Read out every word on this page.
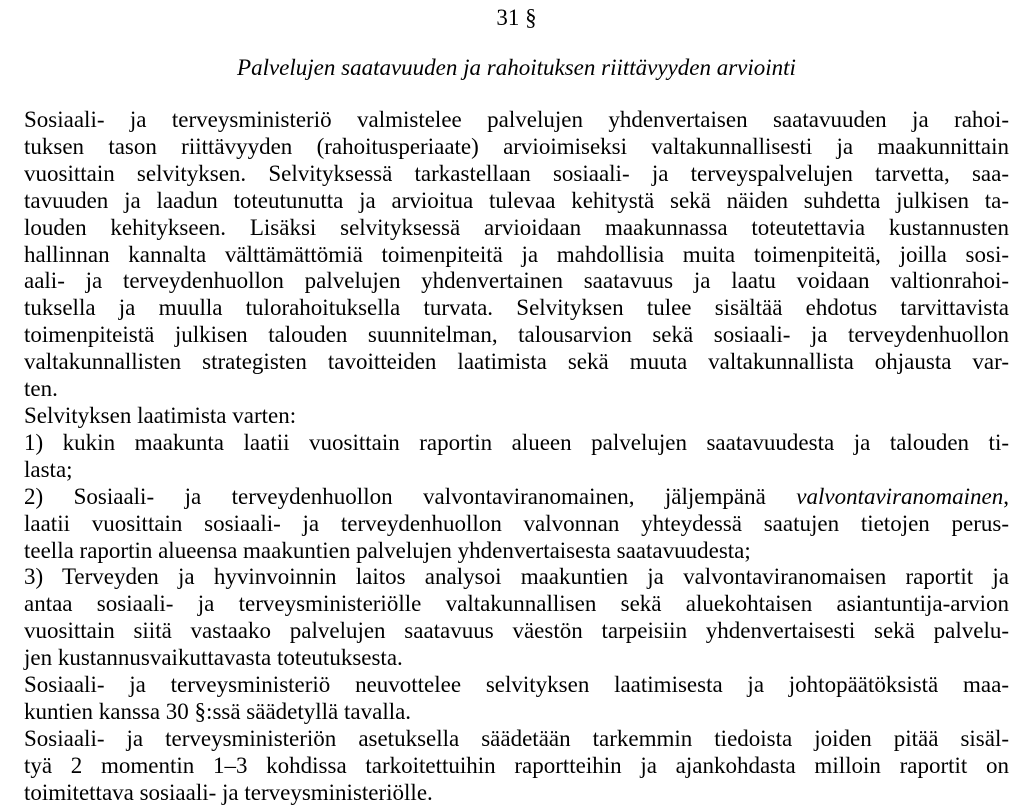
31 §
Palvelujen saatavuuden ja rahoituksen riittävyyden arviointi

Sosiaali- ja terveysministeriö valmistelee palvelujen yhdenvertaisen saatavuuden ja rahoi-
tuksen tason riittävyyden (rahoitusperiaate) arvioimiseksi valtakunnallisesti ja maakunnittain
vuosittain selvityksen. Selvityksessä tarkastellaan sosiaali- ja terveyspalvelujen tarvetta, saa-
tavuuden ja laadun toteutunutta ja arvioitua tulevaa kehitystä sekä näiden suhdetta julkisen ta-
louden kehitykseen. Lisäksi selvityksessä arvioidaan maakunnassa toteutettavia kustannusten
hallinnan kannalta välttämättömiä toimenpiteitä ja mahdollisia muita toimenpiteitä, joilla sosi-
aali- ja terveydenhuollon palvelujen yhdenvertainen saatavuus ja laatu voidaan valtionrahoi-
tuksella ja muulla tulorahoituksella turvata. Selvityksen tulee sisältää ehdotus tarvittavista
toimenpiteistä julkisen talouden suunnitelman, talousarvion sekä sosiaali- ja terveydenhuollon
valtakunnallisten strategisten tavoitteiden laatimista sekä muuta valtakunnallista ohjausta var-
ten.

Selvityksen laatimista varten:

1) kukin maakunta laatii vuosittain raportin alueen palvelujen saatavuudesta ja talouden ti-
lasta;

2) Sosiaali- ja terveydenhuollon valvontaviranomainen, jäljempänä valvontaviranomainen,
laatii vuosittain sosiaali- ja terveydenhuollon valvonnan yhteydessä saatujen tietojen perus-
teella raportin alueensa maakuntien palvelujen yhdenvertaisesta saatavuudesta;

3) Terveyden ja hyvinvoinnin laitos analysoi maakuntien ja valvontaviranomaisen raportit ja
antaa sosiaali- ja terveysministeriölle valtakunnallisen sekä aluekohtaisen asiantuntija-arvion
vuosittain siitä vastaako palvelujen saatavuus väestön tarpeisiin yhdenvertaisesti sekä palvelu-
jen kustannusvaikuttavasta toteutuksesta.

Sosiaali- ja terveysministeriö neuvottelee selvityksen laatimisesta ja johtopäätöksistä maa-
kuntien kanssa 30 §:ssä säädetyllä tavalla.

Sosiaali- ja terveysministeriön asetuksella säädetään tarkemmin tiedoista joiden pitää sisäl-
tyä 2 momentin 1–3 kohdissa tarkoitettuihin raportteihin ja ajankohdasta milloin raportit on
toimitettava sosiaali- ja terveysministeriölle.
